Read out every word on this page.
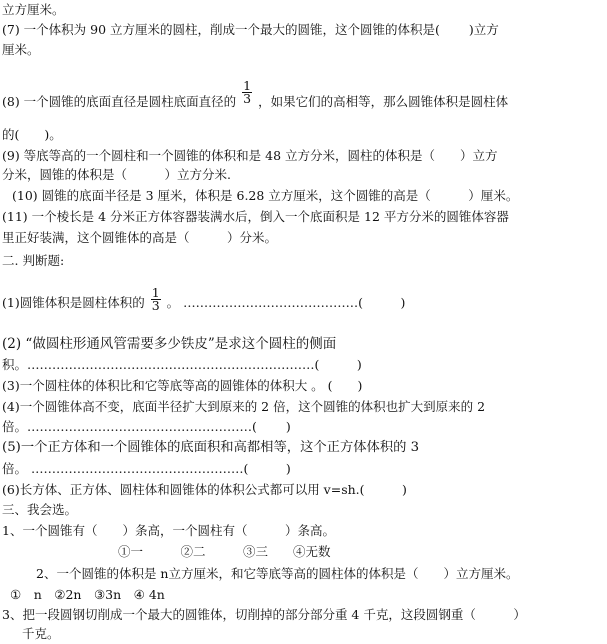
立方厘米。
(7) 一个体积为 90 立方厘米的圆柱，削成一个最大的圆锥，这个圆锥的体积是(　　 )立方
厘米。
(8) 一个圆锥的底面直径是圆柱底面直径的 $\frac{1}{3}$ ，如果它们的高相等，那么圆锥体积是圆柱体
的(　　)。
(9) 等底等高的一个圆柱和一个圆锥的体积和是 48 立方分米，圆柱的体积是（　　）立方
分米，圆锥的体积是（　　　）立方分米.
(10) 圆锥的底面半径是 3 厘米，体积是 6.28 立方厘米，这个圆锥的高是（　　　）厘米。
(11) 一个棱长是 4 分米正方体容器装满水后，倒入一个底面积是 12 平方分米的圆锥体容器
里正好装满，这个圆锥体的高是（　　　）分米。
二. 判断题:
(1)圆锥体积是圆柱体积的 $\frac{1}{3}$ 。 ……………………………………(　　　)
(2) “做圆柱形通风管需要多少铁皮”是求这个圆柱的侧面
积。……………………………………………………………(　　　)
(3)一个圆柱体的体积比和它等底等高的圆锥体的体积大 。 (　　)
(4)一个圆锥体高不变，底面半径扩大到原来的 2 倍，这个圆锥的体积也扩大到原来的 2
倍。………………………………………………( 　　)
(5)一个正方体和一个圆锥体的底面积和高都相等，这个正方体体积的 3
倍。 ……………………………………………(　　　)
(6)长方体、正方体、圆柱体和圆锥体的体积公式都可以用 v=sh.(　　　)
三、我会选。
1、一个圆锥有（　　）条高，一个圆柱有（　　　）条高。
①一　　　②二　　　③三　　④无数
2、一个圆锥的体积是 n立方厘米，和它等底等高的圆柱体的体积是（　　）立方厘米。
①　n　②2n　③3n　④ 4n
3、把一段圆钢切削成一个最大的圆锥体，切削掉的部分部分重 4 千克，这段圆钢重（　　　）
千克。
